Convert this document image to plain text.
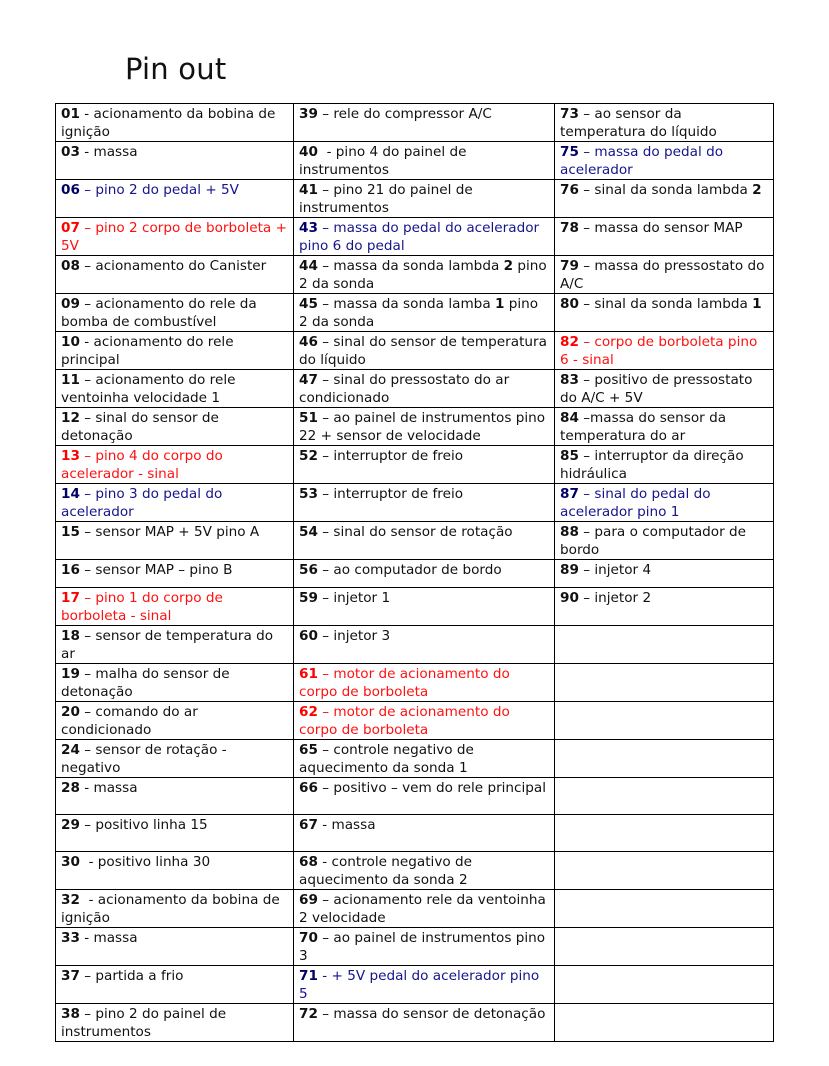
Pin out
01 - acionamento da bobina de ignição	39 – rele do compressor A/C	73 – ao sensor da temperatura do líquido
03 - massa	40  - pino 4 do painel de instrumentos	75 – massa do pedal do acelerador
06 – pino 2 do pedal + 5V	41 – pino 21 do painel de instrumentos	76 – sinal da sonda lambda 2
07 – pino 2 corpo de borboleta + 5V	43 – massa do pedal do acelerador pino 6 do pedal	78 – massa do sensor MAP
08 – acionamento do Canister	44 – massa da sonda lambda 2 pino 2 da sonda	79 – massa do pressostato do A/C
09 – acionamento do rele da bomba de combustível	45 – massa da sonda lamba 1 pino 2 da sonda	80 – sinal da sonda lambda 1
10 - acionamento do rele principal	46 – sinal do sensor de temperatura do líquido	82 – corpo de borboleta pino 6 - sinal
11 – acionamento do rele ventoinha velocidade 1	47 – sinal do pressostato do ar condicionado	83 – positivo de pressostato do A/C + 5V
12 – sinal do sensor de detonação	51 – ao painel de instrumentos pino 22 + sensor de velocidade	84 –massa do sensor da temperatura do ar
13 – pino 4 do corpo do acelerador - sinal	52 – interruptor de freio	85 – interruptor da direção hidráulica
14 – pino 3 do pedal do acelerador	53 – interruptor de freio	87 – sinal do pedal do acelerador pino 1
15 – sensor MAP + 5V pino A	54 – sinal do sensor de rotação	88 – para o computador de bordo
16 – sensor MAP – pino B	56 – ao computador de bordo	89 – injetor 4
17 – pino 1 do corpo de borboleta - sinal	59 – injetor 1	90 – injetor 2
18 – sensor de temperatura do ar	60 – injetor 3	
19 – malha do sensor de detonação	61 – motor de acionamento do corpo de borboleta	
20 – comando do ar condicionado	62 – motor de acionamento do corpo de borboleta	
24 – sensor de rotação - negativo	65 – controle negativo de aquecimento da sonda 1	
28 - massa	66 – positivo – vem do rele principal	
29 – positivo linha 15	67 - massa	
30  - positivo linha 30	68 - controle negativo de aquecimento da sonda 2	
32  - acionamento da bobina de ignição	69 – acionamento rele da ventoinha 2 velocidade	
33 - massa	70 – ao painel de instrumentos pino 3	
37 – partida a frio	71 - + 5V pedal do acelerador pino 5	
38 – pino 2 do painel de instrumentos	72 – massa do sensor de detonação	
